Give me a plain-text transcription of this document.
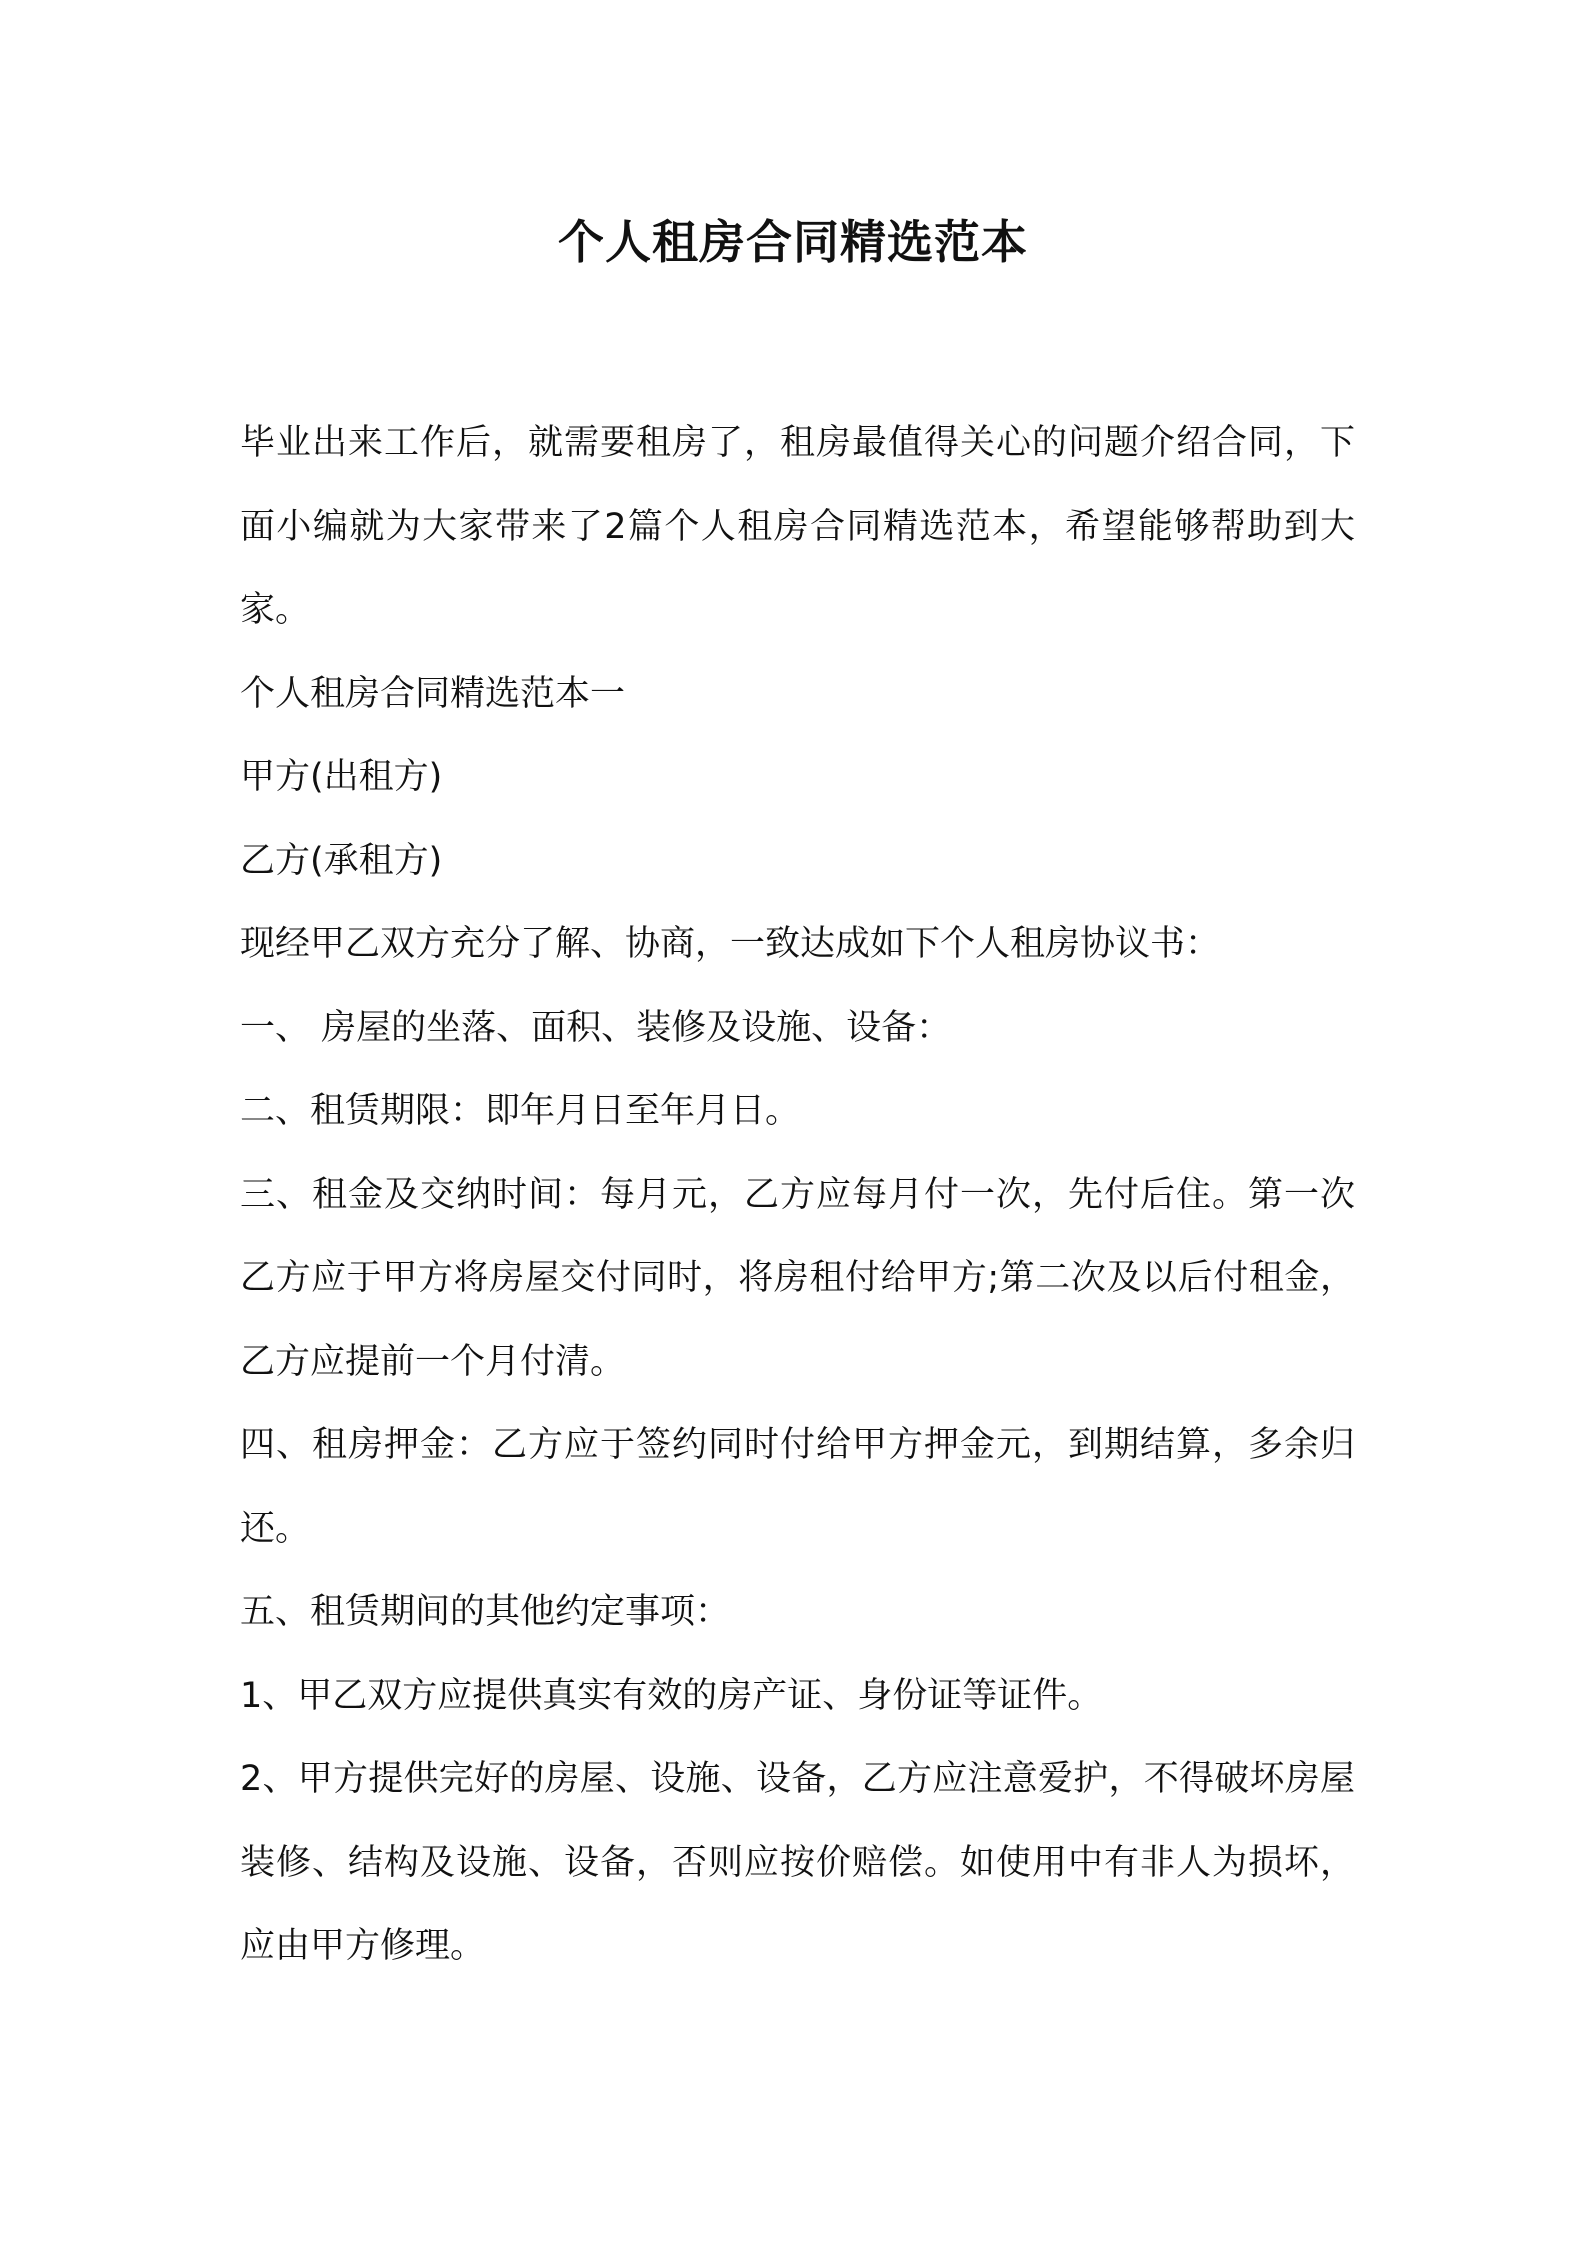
个人租房合同精选范本

毕业出来工作后，就需要租房了，租房最值得关心的问题介绍合同，下面小编就为大家带来了2篇个人租房合同精选范本，希望能够帮助到大家。

个人租房合同精选范本一

甲方(出租方)

乙方(承租方)

现经甲乙双方充分了解、协商，一致达成如下个人租房协议书：

一、 房屋的坐落、面积、装修及设施、设备：

二、租赁期限：即年月日至年月日。

三、租金及交纳时间：每月元，乙方应每月付一次，先付后住。第一次乙方应于甲方将房屋交付同时，将房租付给甲方;第二次及以后付租金，乙方应提前一个月付清。

四、租房押金：乙方应于签约同时付给甲方押金元，到期结算，多余归还。

五、租赁期间的其他约定事项：

1、甲乙双方应提供真实有效的房产证、身份证等证件。

2、甲方提供完好的房屋、设施、设备，乙方应注意爱护，不得破坏房屋装修、结构及设施、设备，否则应按价赔偿。如使用中有非人为损坏，应由甲方修理。
